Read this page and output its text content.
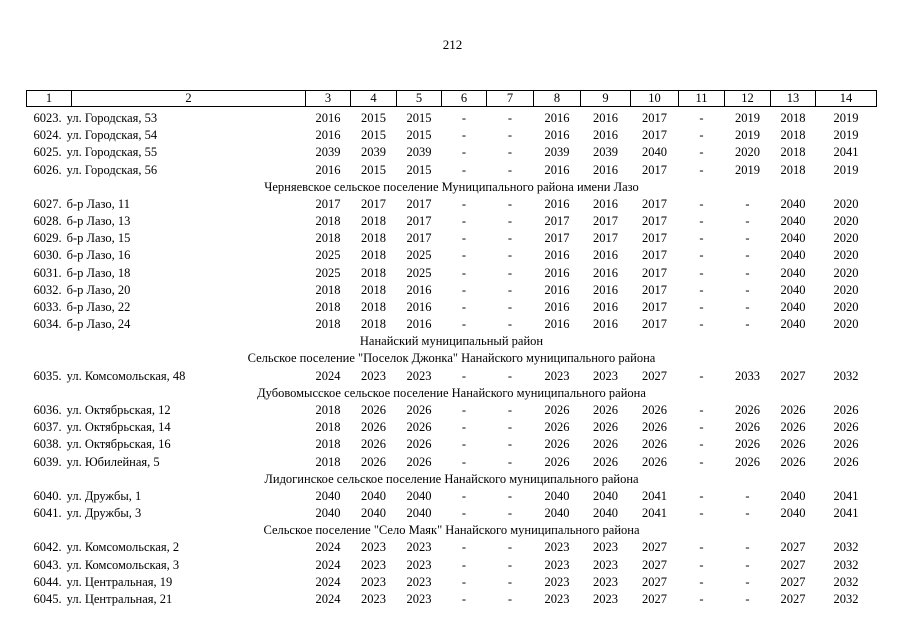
212
1	2	3	4	5	6	7	8	9	10	11	12	13	14
6023. ул. Городская, 53		2016	2015	2015	-	-	2016	2016	2017	-	2019	2018	2019
6024. ул. Городская, 54		2016	2015	2015	-	-	2016	2016	2017	-	2019	2018	2019
6025. ул. Городская, 55		2039	2039	2039	-	-	2039	2039	2040	-	2020	2018	2041
6026. ул. Городская, 56		2016	2015	2015	-	-	2016	2016	2017	-	2019	2018	2019
Черняевское сельское поселение Муниципального района имени Лазо													
6027. б-р Лазо, 11		2017	2017	2017	-	-	2016	2016	2017	-	-	2040	2020
6028. б-р Лазо, 13		2018	2018	2017	-	-	2017	2017	2017	-	-	2040	2020
6029. б-р Лазо, 15		2018	2018	2017	-	-	2017	2017	2017	-	-	2040	2020
6030. б-р Лазо, 16		2025	2018	2025	-	-	2016	2016	2017	-	-	2040	2020
6031. б-р Лазо, 18		2025	2018	2025	-	-	2016	2016	2017	-	-	2040	2020
6032. б-р Лазо, 20		2018	2018	2016	-	-	2016	2016	2017	-	-	2040	2020
6033. б-р Лазо, 22		2018	2018	2016	-	-	2016	2016	2017	-	-	2040	2020
6034. б-р Лазо, 24		2018	2018	2016	-	-	2016	2016	2017	-	-	2040	2020
Нанайский муниципальный район													
Сельское поселение "Поселок Джонка" Нанайского муниципального района													
6035. ул. Комсомольская, 48		2024	2023	2023	-	-	2023	2023	2027	-	2033	2027	2032
Дубовомысское сельское поселение Нанайского муниципального района													
6036. ул. Октябрьская, 12		2018	2026	2026	-	-	2026	2026	2026	-	2026	2026	2026
6037. ул. Октябрьская, 14		2018	2026	2026	-	-	2026	2026	2026	-	2026	2026	2026
6038. ул. Октябрьская, 16		2018	2026	2026	-	-	2026	2026	2026	-	2026	2026	2026
6039. ул. Юбилейная, 5		2018	2026	2026	-	-	2026	2026	2026	-	2026	2026	2026
Лидогинское сельское поселение Нанайского муниципального района													
6040. ул. Дружбы, 1		2040	2040	2040	-	-	2040	2040	2041	-	-	2040	2041
6041. ул. Дружбы, 3		2040	2040	2040	-	-	2040	2040	2041	-	-	2040	2041
Сельское поселение "Село Маяк" Нанайского муниципального района													
6042. ул. Комсомольская, 2		2024	2023	2023	-	-	2023	2023	2027	-	-	2027	2032
6043. ул. Комсомольская, 3		2024	2023	2023	-	-	2023	2023	2027	-	-	2027	2032
6044. ул. Центральная, 19		2024	2023	2023	-	-	2023	2023	2027	-	-	2027	2032
6045. ул. Центральная, 21		2024	2023	2023	-	-	2023	2023	2027	-	-	2027	2032
